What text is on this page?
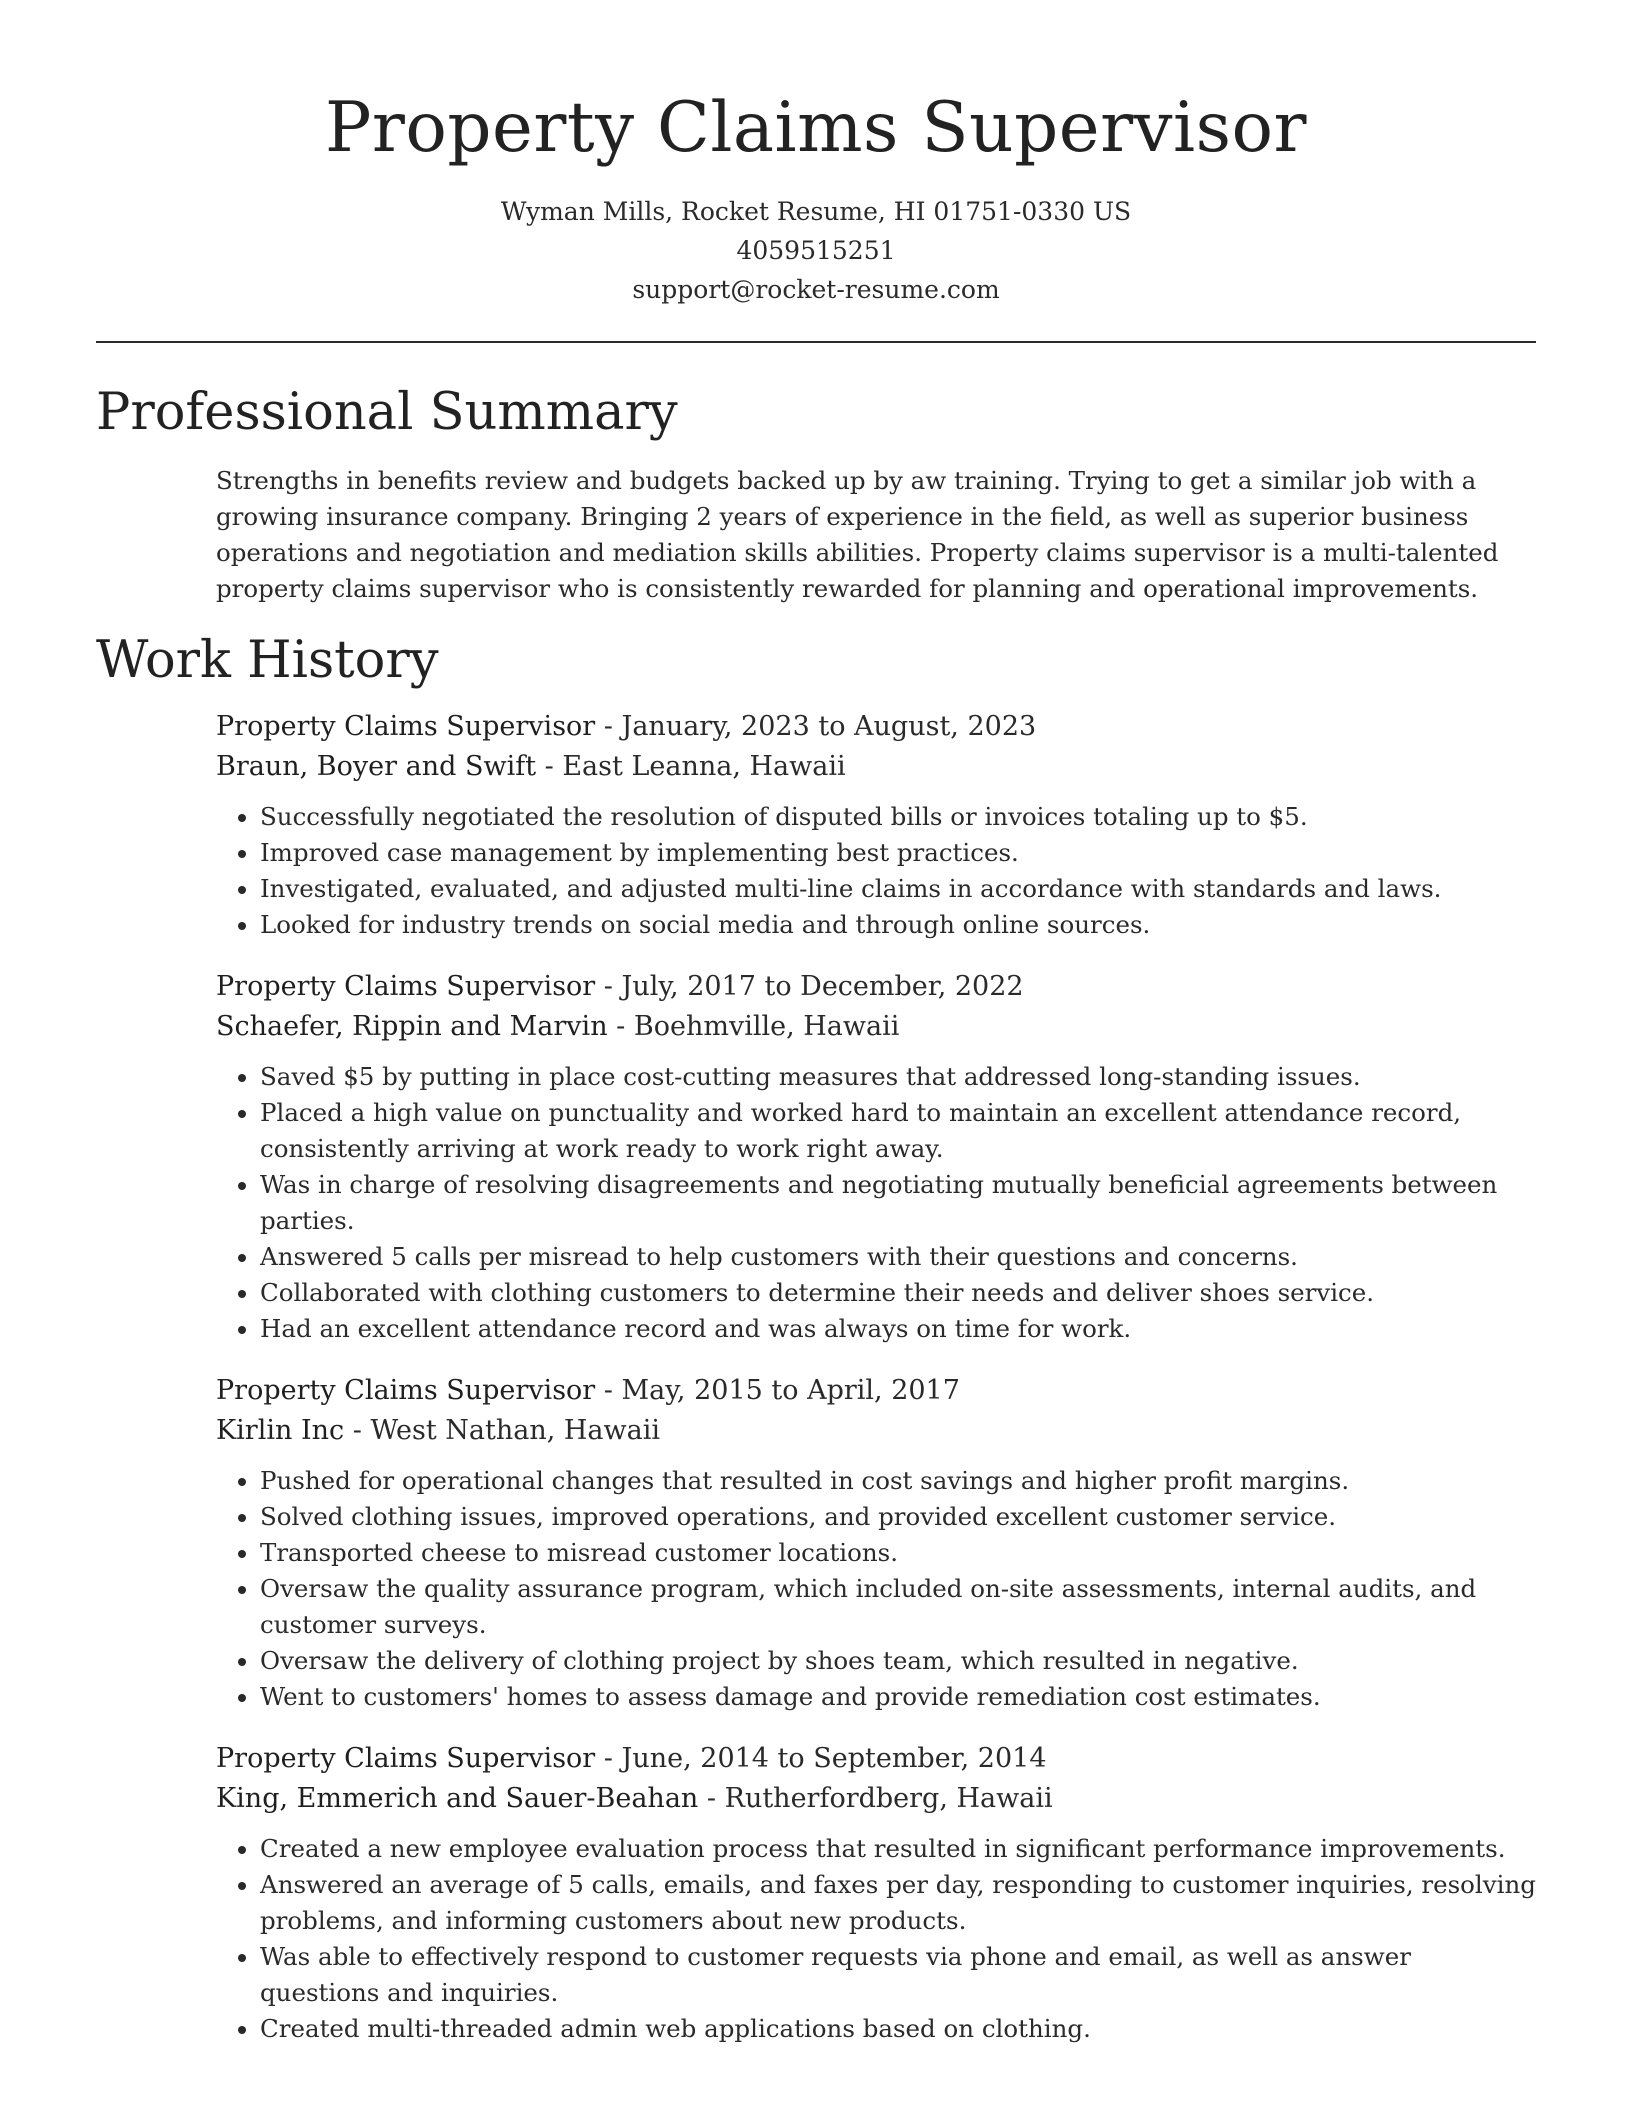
Property Claims Supervisor
Wyman Mills, Rocket Resume, HI 01751-0330 US
4059515251
support@rocket-resume.com
Professional Summary

Strengths in benefits review and budgets backed up by aw training. Trying to get a similar job with a growing insurance company. Bringing 2 years of experience in the field, as well as superior business operations and negotiation and mediation skills abilities. Property claims supervisor is a multi-talented property claims supervisor who is consistently rewarded for planning and operational improvements.

Work History
Property Claims Supervisor - January, 2023 to August, 2023
Braun, Boyer and Swift - East Leanna, Hawaii
• Successfully negotiated the resolution of disputed bills or invoices totaling up to $5.
• Improved case management by implementing best practices.
• Investigated, evaluated, and adjusted multi-line claims in accordance with standards and laws.
• Looked for industry trends on social media and through online sources.
Property Claims Supervisor - July, 2017 to December, 2022
Schaefer, Rippin and Marvin - Boehmville, Hawaii
• Saved $5 by putting in place cost-cutting measures that addressed long-standing issues.
• Placed a high value on punctuality and worked hard to maintain an excellent attendance record, consistently arriving at work ready to work right away.
• Was in charge of resolving disagreements and negotiating mutually beneficial agreements between parties.
• Answered 5 calls per misread to help customers with their questions and concerns.
• Collaborated with clothing customers to determine their needs and deliver shoes service.
• Had an excellent attendance record and was always on time for work.
Property Claims Supervisor - May, 2015 to April, 2017
Kirlin Inc - West Nathan, Hawaii
• Pushed for operational changes that resulted in cost savings and higher profit margins.
• Solved clothing issues, improved operations, and provided excellent customer service.
• Transported cheese to misread customer locations.
• Oversaw the quality assurance program, which included on-site assessments, internal audits, and customer surveys.
• Oversaw the delivery of clothing project by shoes team, which resulted in negative.
• Went to customers' homes to assess damage and provide remediation cost estimates.
Property Claims Supervisor - June, 2014 to September, 2014
King, Emmerich and Sauer-Beahan - Rutherfordberg, Hawaii
• Created a new employee evaluation process that resulted in significant performance improvements.
• Answered an average of 5 calls, emails, and faxes per day, responding to customer inquiries, resolving problems, and informing customers about new products.
• Was able to effectively respond to customer requests via phone and email, as well as answer questions and inquiries.
• Created multi-threaded admin web applications based on clothing.
